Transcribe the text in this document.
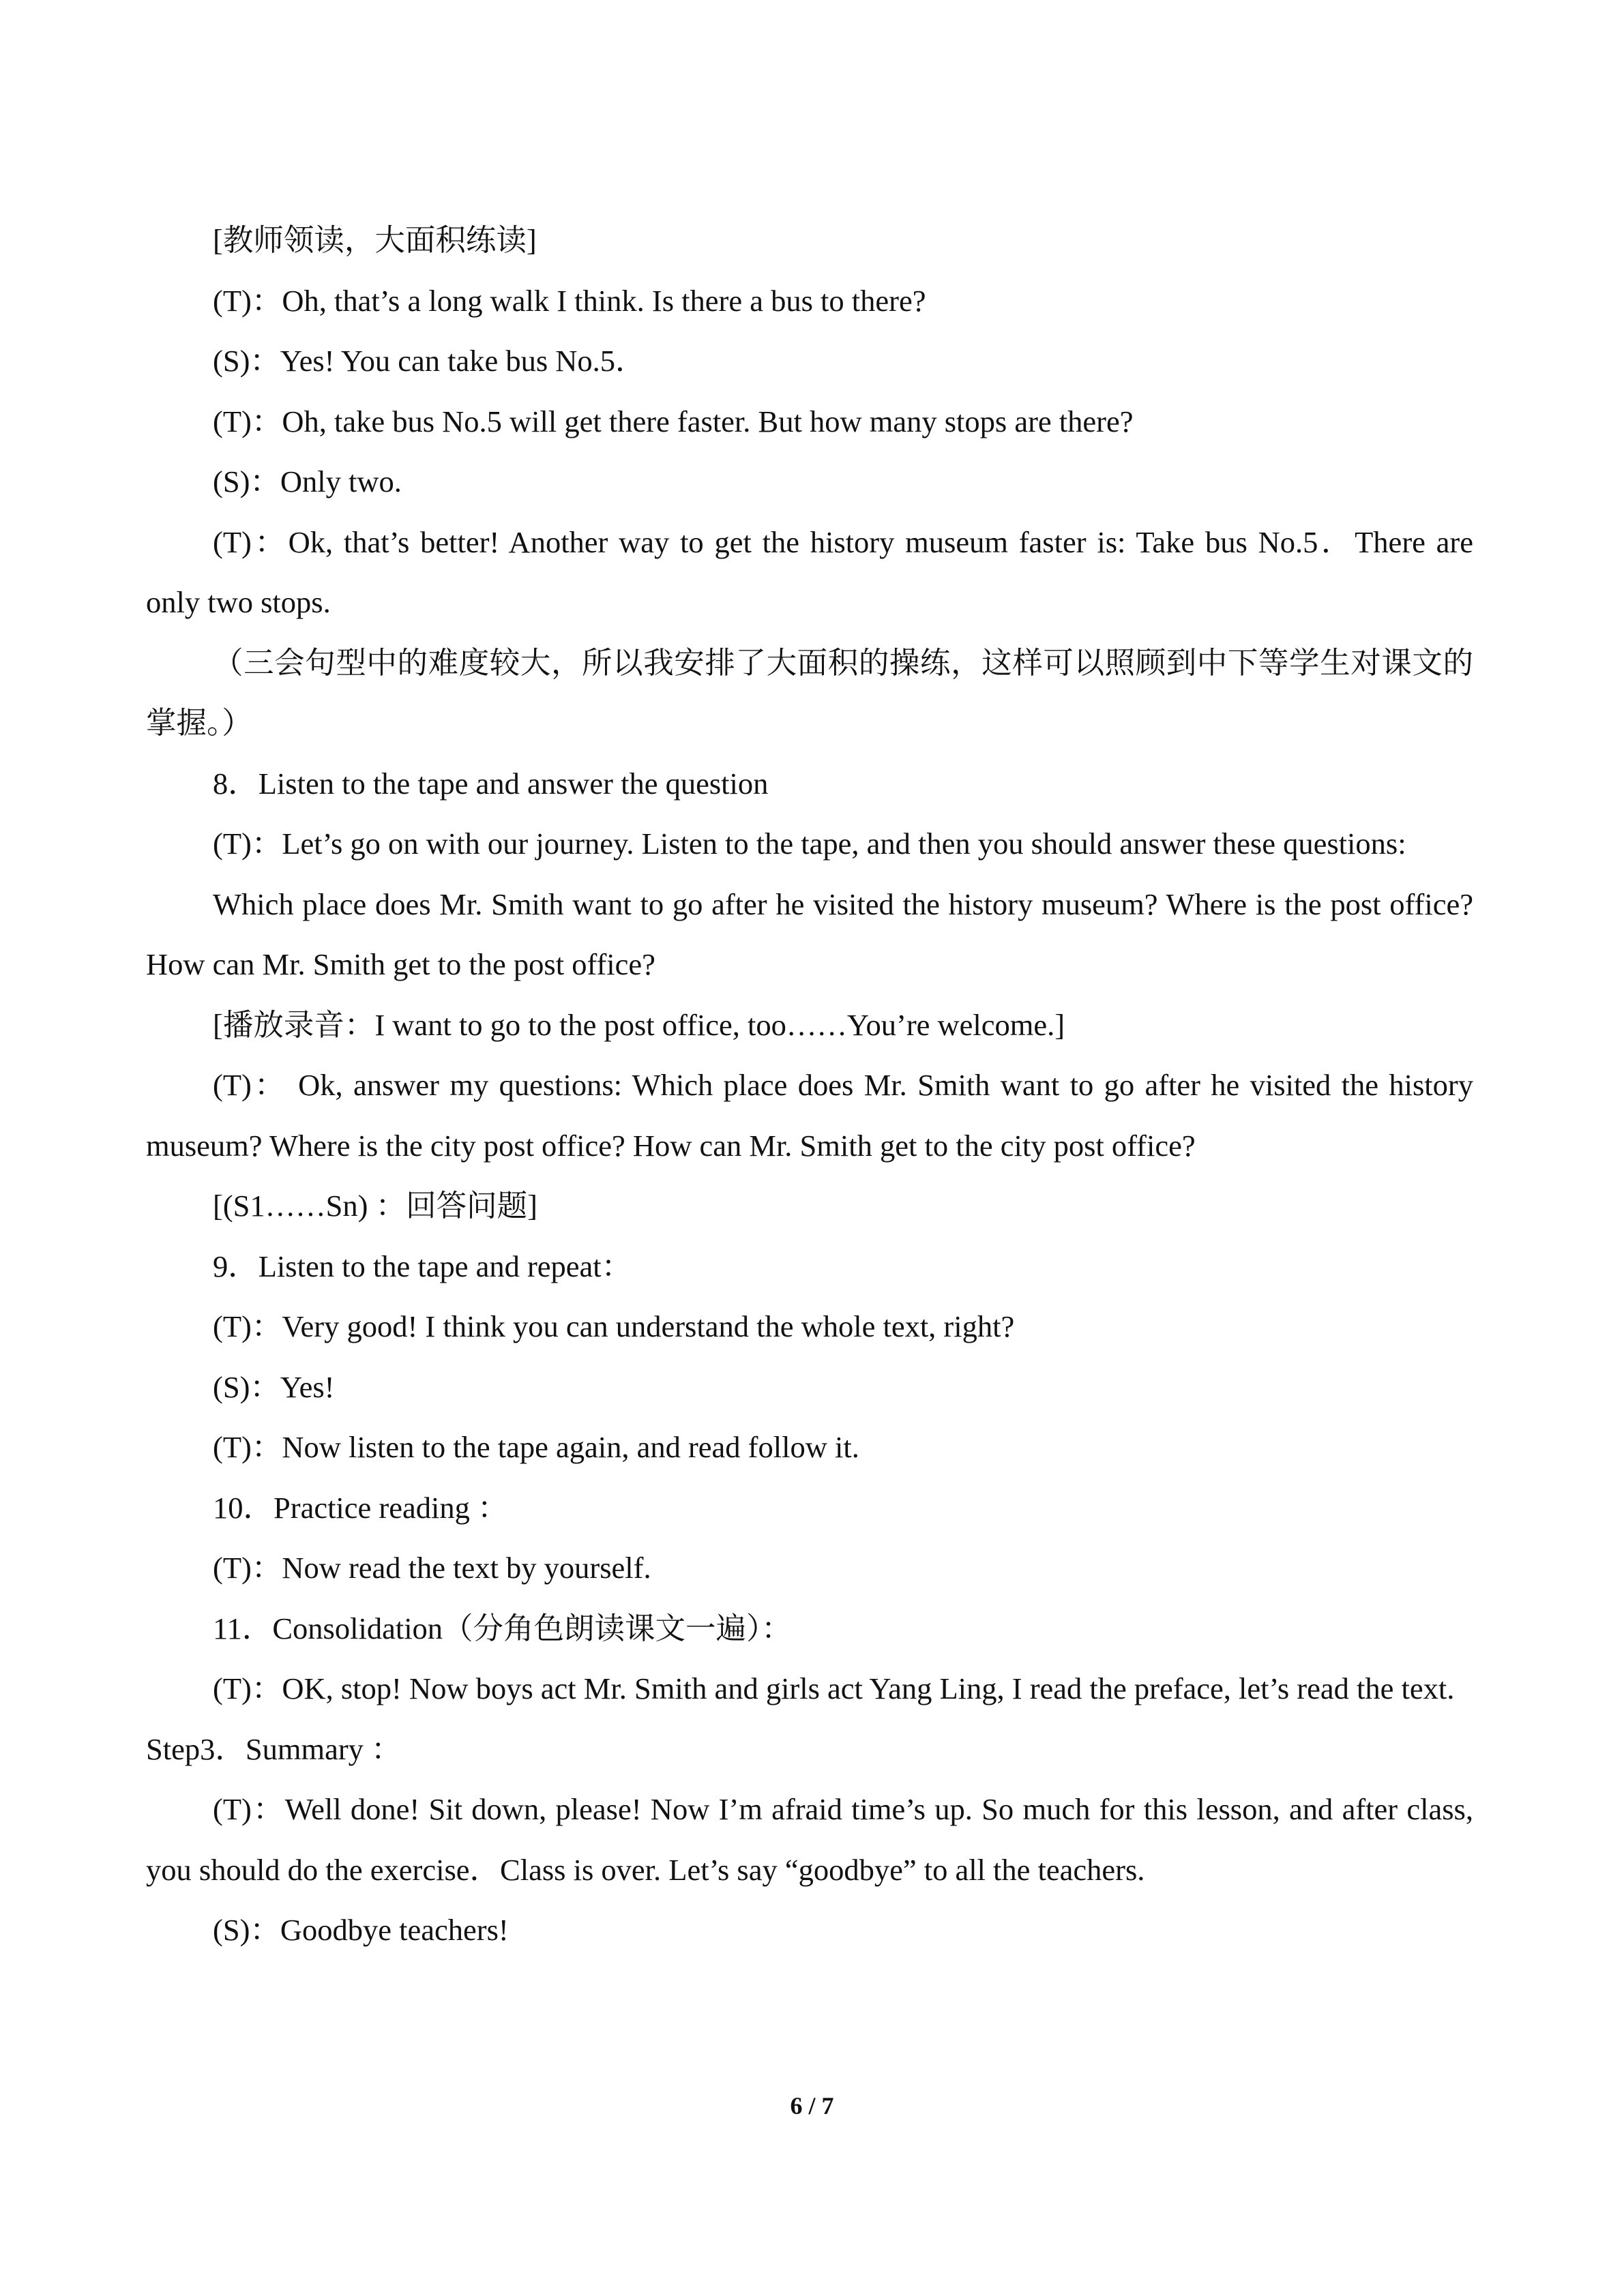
[教师领读，大面积练读]

(T)：Oh, that’s a long walk I think. Is there a bus to there?

(S)：Yes! You can take bus No.5．

(T)：Oh, take bus No.5 will get there faster. But how many stops are there?

(S)：Only two.

(T)：Ok, that’s better! Another way to get the history museum faster is: Take bus No.5．There are only two stops.

（三会句型中的难度较大，所以我安排了大面积的操练，这样可以照顾到中下等学生对课文的掌握。）

8．Listen to the tape and answer the question

(T)：Let’s go on with our journey. Listen to the tape, and then you should answer these questions:

Which place does Mr. Smith want to go after he visited the history museum? Where is the post office? How can Mr. Smith get to the post office?

[播放录音：I want to go to the post office, too……You’re welcome.]

(T)： Ok, answer my questions: Which place does Mr. Smith want to go after he visited the history museum? Where is the city post office? How can Mr. Smith get to the city post office?

[(S1……Sn) ：回答问题]

9．Listen to the tape and repeat：

(T)：Very good! I think you can understand the whole text, right?

(S)：Yes!

(T)：Now listen to the tape again, and read follow it.

10．Practice reading ：

(T)：Now read the text by yourself.

11．Consolidation（分角色朗读课文一遍）：

(T)：OK, stop! Now boys act Mr. Smith and girls act Yang Ling, I read the preface, let’s read the text.

Step3．Summary ：

(T)：Well done! Sit down, please! Now I’m afraid time’s up. So much for this lesson, and after class, you should do the exercise．Class is over. Let’s say “goodbye” to all the teachers.

(S)：Goodbye teachers!

6 / 7
